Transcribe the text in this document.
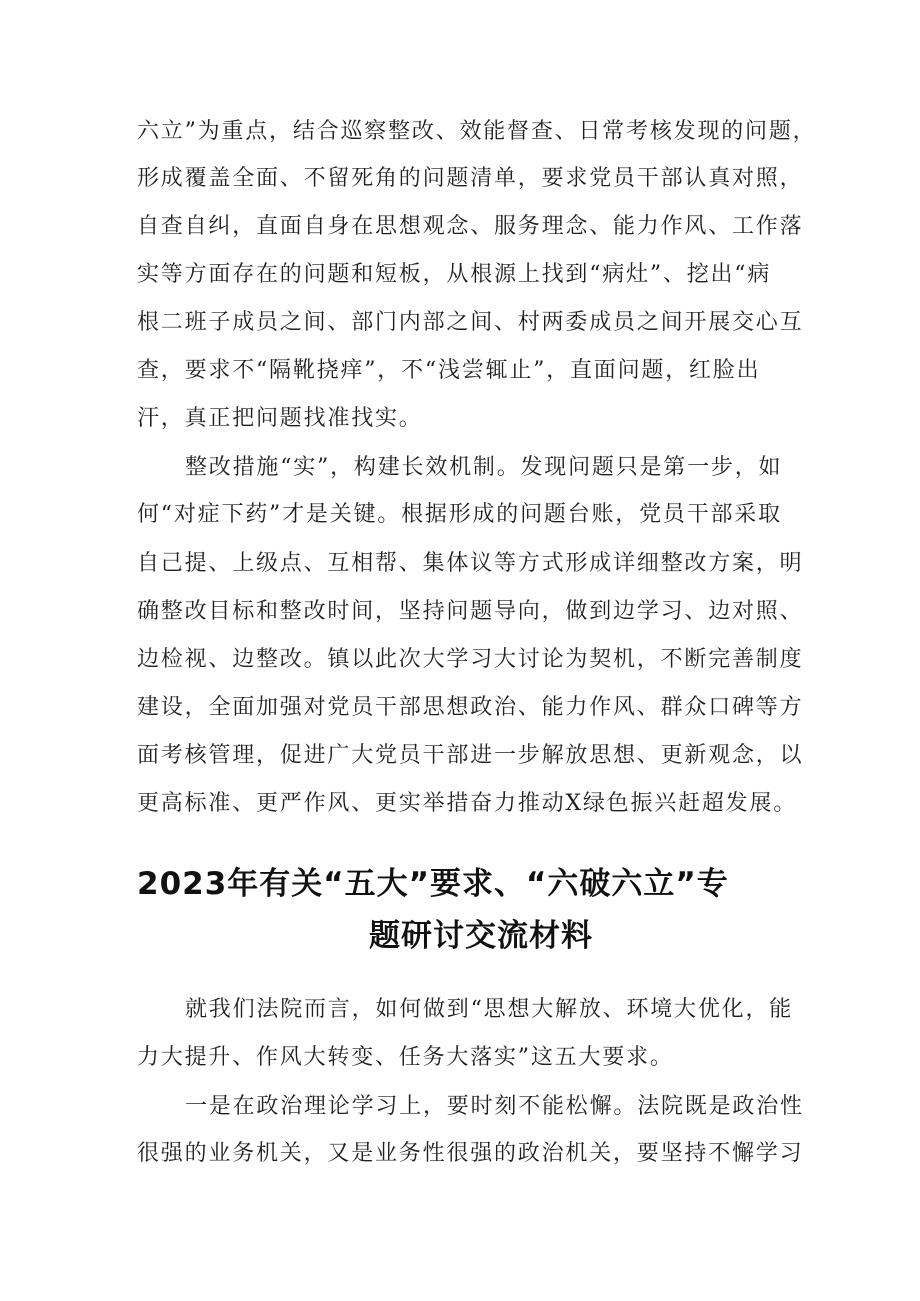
六立”为重点，结合巡察整改、效能督查、日常考核发现的问题，
形成覆盖全面、不留死角的问题清单，要求党员干部认真对照，
自查自纠，直面自身在思想观念、服务理念、能力作风、工作落
实等方面存在的问题和短板，从根源上找到“病灶”、挖出“病
根二班子成员之间、部门内部之间、村两委成员之间开展交心互
查，要求不“隔靴挠痒”，不“浅尝辄止”，直面问题，红脸出
汗，真正把问题找准找实。
整改措施“实”，构建长效机制。发现问题只是第一步，如
何“对症下药”才是关键。根据形成的问题台账，党员干部采取
自己提、上级点、互相帮、集体议等方式形成详细整改方案，明
确整改目标和整改时间，坚持问题导向，做到边学习、边对照、
边检视、边整改。镇以此次大学习大讨论为契机，不断完善制度
建设，全面加强对党员干部思想政治、能力作风、群众口碑等方
面考核管理，促进广大党员干部进一步解放思想、更新观念，以
更高标准、更严作风、更实举措奋力推动X绿色振兴赶超发展。
2023年有关“五大”要求、“六破六立”专
题研讨交流材料
就我们法院而言，如何做到“思想大解放、环境大优化，能
力大提升、作风大转变、任务大落实”这五大要求。
一是在政治理论学习上，要时刻不能松懈。法院既是政治性
很强的业务机关，又是业务性很强的政治机关，要坚持不懈学习
